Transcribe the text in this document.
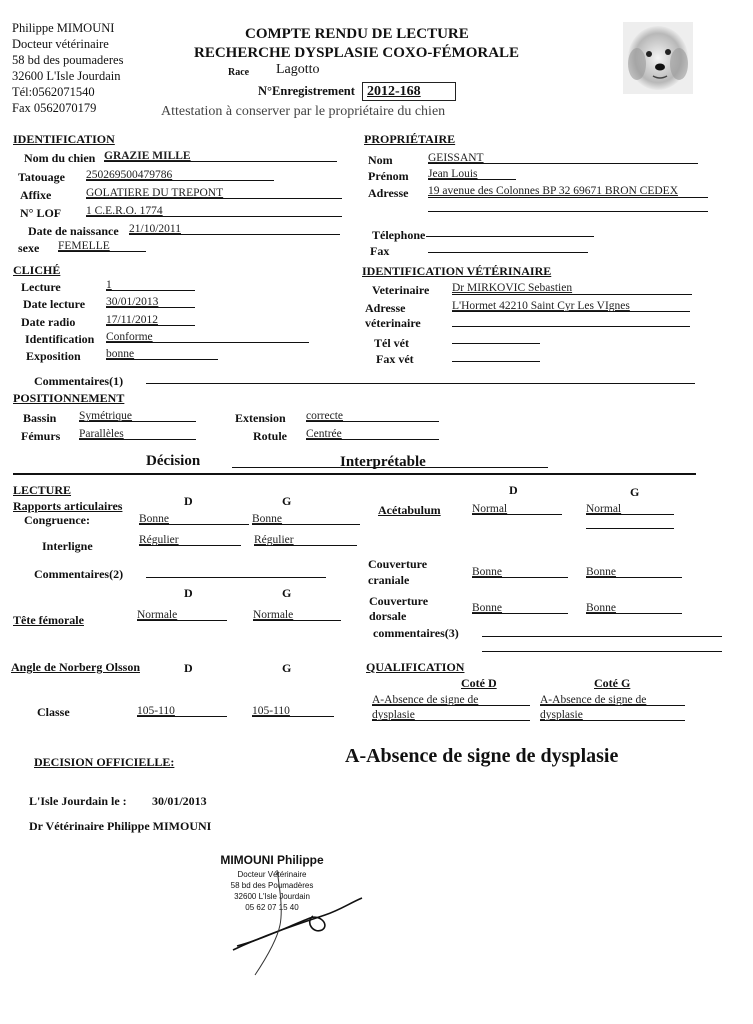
Philippe MIMOUNI
Docteur vétérinaire
58 bd des poumaderes
32600 L'Isle Jourdain
Tél:0562071540
Fax 0562070179
COMPTE RENDU DE LECTURE
RECHERCHE DYSPLASIE COXO-FÉMORALE
Race Lagotto
N°Enregistrement 2012-168
Attestation à conserver par le propriétaire du chien
IDENTIFICATION
Nom du chien GRAZIE MILLE
Tatouage 250269500479786
Affixe	GOLATIERE DU TREPONT
N° LOF 1 C.E.R.O. 1774
Date de naissance 21/10/2011
sexe FEMELLE
PROPRIÉTAIRE
Nom	GEISSANT
Prénom Jean Louis
Adresse 19 avenue des Colonnes BP 32 69671 BRON CEDEX
Télephone
Fax
CLICHÉ
Lecture	1
Date lecture 30/01/2013
Date radio	17/11/2012
Identification Conforme
Exposition bonne
Commentaires(1)
IDENTIFICATION VÉTÉRINAIRE
Veterinaire Dr MIRKOVIC Sebastien
Adresse
véterinaire
L'Hormet 42210 Saint Cyr Les VIgnes
Tél vét
Fax vét
POSITIONNEMENT
Bassin Symétrique
Fémurs Parallèles
Extension correcte
Rotule Centrée
Décision	Interprétable
LECTURE
Rapports articulaires	D	G
Congruence:	Bonne	Bonne
Interligne	Régulier	Régulier
Commentaires(2)
D	G
Tête fémorale	Normale	Normale
Angle de Norberg Olsson	D	G
Classe	105-110	105-110
D	G
Acétabulum	Normal	Normal
Couverture
craniale
Bonne	Bonne
Couverture
dorsale
Bonne	Bonne
commentaires(3)
QUALIFICATION
Coté D	Coté G
A-Absence de signe de
dysplasie
A-Absence de signe de
dysplasie
DECISION OFFICIELLE:	A-Absence de signe de dysplasie
L'Isle Jourdain le : 30/01/2013
Dr Vétérinaire Philippe MIMOUNI
MIMOUNI Philippe
Docteur Vétérinaire
58 bd des Poumadères
32600 L'Isle Jourdain
05 62 07 15 40
